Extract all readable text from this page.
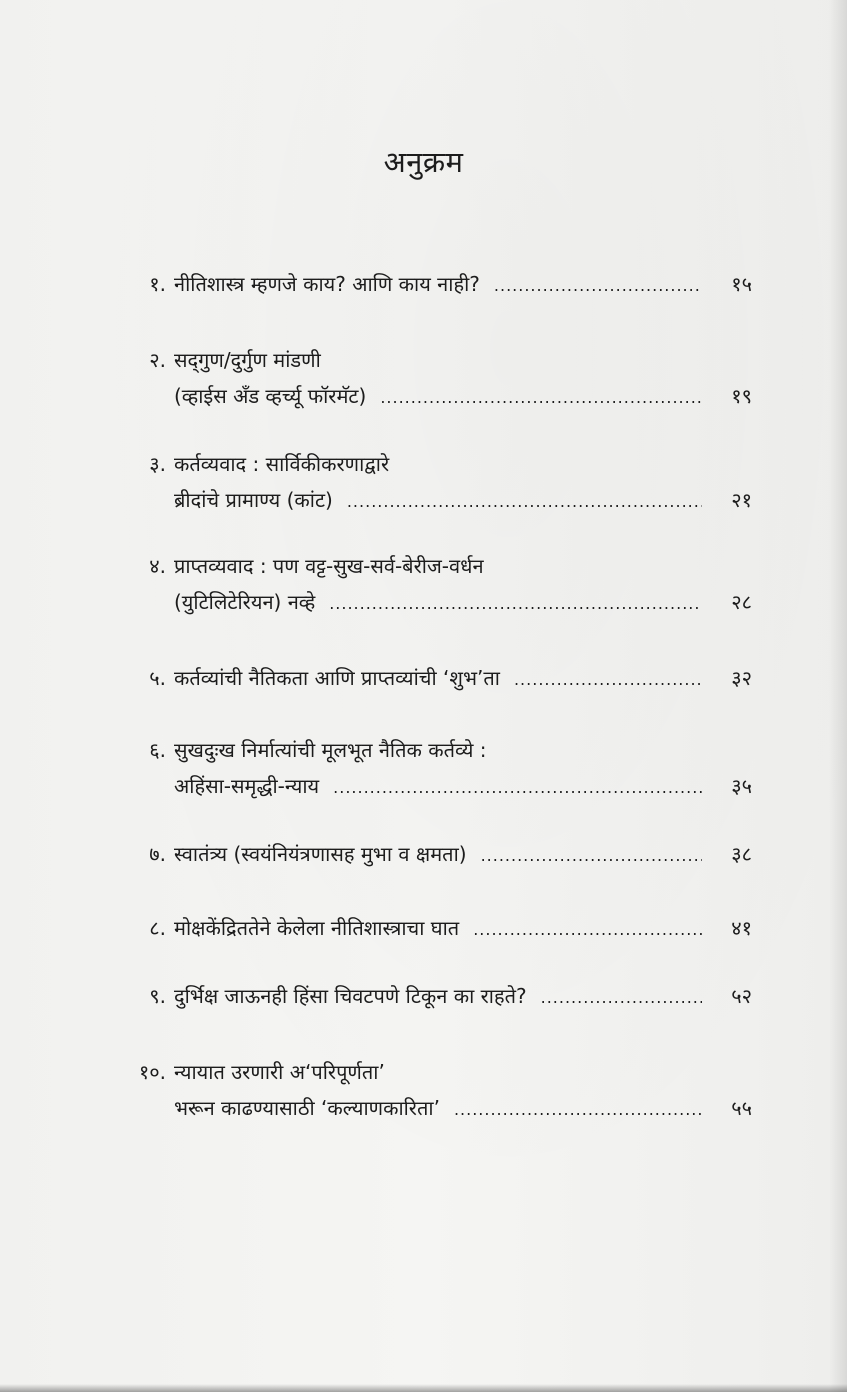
अनुक्रम
१. नीतिशास्त्र म्हणजे काय? आणि काय नाही? .....	१५
२. सद्‌गुण/दुर्गुण मांडणी
(व्हाईस अँड व्हर्च्यू फॉरमॅट) .....	१९
३. कर्तव्यवाद : सार्विकीकरणाद्वारे
ब्रीदांचे प्रामाण्य (कांट) .....	२१
४. प्राप्तव्यवाद : पण वट्ट-सुख-सर्व-बेरीज-वर्धन
(युटिलिटेरियन) नव्हे .....	२८
५. कर्तव्यांची नैतिकता आणि प्राप्तव्यांची ‘शुभ’ता .....	३२
६. सुखदुःख निर्मात्यांची मूलभूत नैतिक कर्तव्ये :
अहिंसा-समृद्धी-न्याय .....	३५
७. स्वातंत्र्य (स्वयंनियंत्रणासह मुभा व क्षमता) .....	३८
८. मोक्षकेंद्रिततेने केलेला नीतिशास्त्राचा घात .....	४१
९. दुर्भिक्ष जाऊनही हिंसा चिवटपणे टिकून का राहते? .....	५२
१०. न्यायात उरणारी अ‘परिपूर्णता’
भरून काढण्यासाठी ‘कल्याणकारिता’ .....	५५
